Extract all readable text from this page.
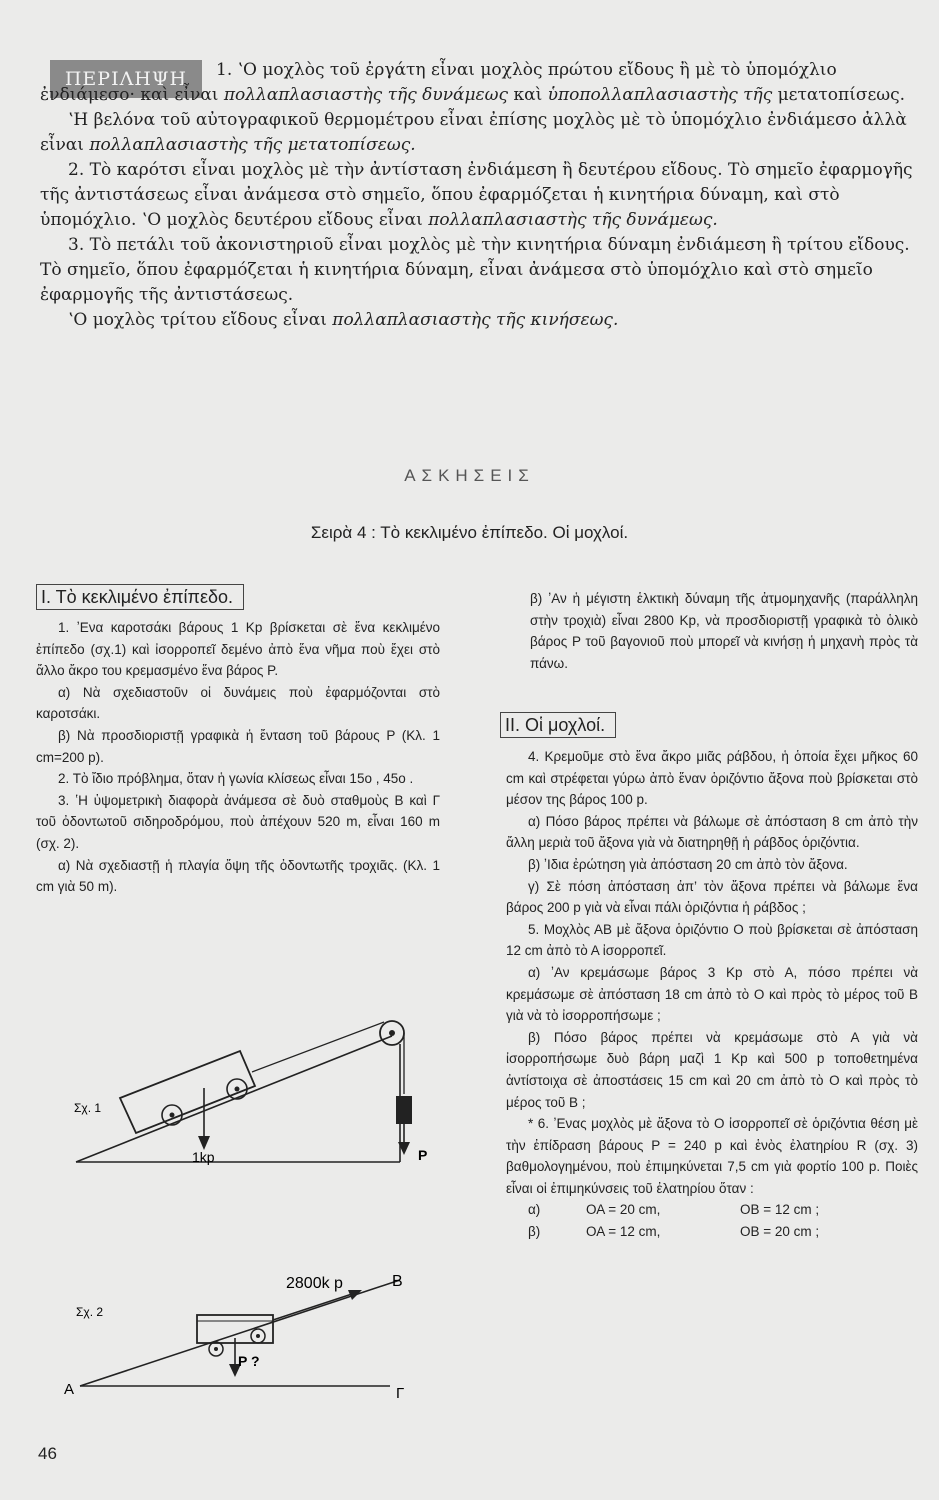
ΠΕΡΙΛΗΨΗ	1. ʽΟ μοχλὸς τοῦ ἐργάτη εἶναι μοχλὸς πρώτου εἴδους ἢ μὲ τὸ ὑπομόχλιο ἐνδιάμεσο· καὶ εἶναι πολλαπλασιαστὴς τῆς δυνάμεως καὶ ὑποπολλαπλασιαστὴς τῆς μετατοπίσεως.

ʽΗ βελόνα τοῦ αὐτογραφικοῦ θερμομέτρου εἶναι ἐπίσης μοχλὸς μὲ τὸ ὑπομόχλιο ἐνδιάμεσο ἀλλὰ εἶναι πολλαπλασιαστὴς τῆς μετατοπίσεως.

2. Τὸ καρότσι εἶναι μοχλὸς μὲ τὴν ἀντίσταση ἐνδιάμεση ἢ δευτέρου εἴδους. Τὸ σημεῖο ἐφαρμογῆς τῆς ἀντιστάσεως εἶναι ἀνάμεσα στὸ σημεῖο, ὅπου ἐφαρμόζεται ἡ κινητήρια δύναμη, καὶ στὸ ὑπομόχλιο. ʽΟ μοχλὸς δευτέρου εἴδους εἶναι πολλαπλασιαστὴς τῆς δυνάμεως.

3. Τὸ πετάλι τοῦ ἀκονιστηριοῦ εἶναι μοχλὸς μὲ τὴν κινητήρια δύναμη ἐνδιάμεση ἢ τρίτου εἴδους. Τὸ σημεῖο, ὅπου ἐφαρμόζεται ἡ κινητήρια δύναμη, εἶναι ἀνάμεσα στὸ ὑπομόχλιο καὶ στὸ σημεῖο ἐφαρμογῆς τῆς ἀντιστάσεως.

ʽΟ μοχλὸς τρίτου εἴδους εἶναι πολλαπλασιαστὴς τῆς κινήσεως.

ΑΣΚΗΣΕΙΣ
Σειρὰ 4 : Τὸ κεκλιμένο ἐπίπεδο. Οἱ μοχλοί.
Ι. Τὸ κεκλιμένο ἐπίπεδο.

1. ʼΕνα καροτσάκι βάρους 1 Kp βρίσκεται σὲ ἕνα κεκλιμένο ἐπίπεδο (σχ.1) καὶ ἰσορροπεῖ δεμένο ἀπὸ ἕνα νῆμα ποὺ ἔχει στὸ ἄλλο ἄκρο του κρεμασμένο ἕνα βάρος P.

α) Νὰ σχεδιαστοῦν οἱ δυνάμεις ποὺ ἐφαρμόζονται στὸ καροτσάκι.

β) Νὰ προσδιοριστῇ γραφικὰ ἡ ἔνταση τοῦ βάρους P (Κλ. 1 cm=200 p).

2. Τὸ ἴδιο πρόβλημα, ὅταν ἡ γωνία κλίσεως εἶναι 15ο , 45ο .

3. ʽΗ ὑψομετρικὴ διαφορὰ ἀνάμεσα σὲ δυὸ σταθμοὺς Β καὶ Γ τοῦ ὀδοντωτοῦ σιδηροδρόμου, ποὺ ἀπέχουν 520 m, εἶναι 160 m (σχ. 2).

α) Νὰ σχεδιαστῇ ἡ πλαγία ὄψη τῆς ὀδοντωτῆς τροχιᾶς. (Κλ. 1 cm γιὰ 50 m).

Σχ. 1
1kp	P
Σχ. 2
2800k p	B
A	Γ
P ?

β) ʼΑν ἡ μέγιστη ἑλκτικὴ δύναμη τῆς ἀτμομηχανῆς (παράλληλη στὴν τροχιὰ) εἶναι 2800 Kp, νὰ προσδιοριστῇ γραφικὰ τὸ ὁλικὸ βάρος P τοῦ βαγονιοῦ ποὺ μπορεῖ νὰ κινήσῃ ἡ μηχανὴ πρὸς τὰ πάνω.

ΙΙ. Οἱ μοχλοί.

4. Κρεμοῦμε στὸ ἕνα ἄκρο μιᾶς ράβδου, ἡ ὁποία ἔχει μῆκος 60 cm καὶ στρέφεται γύρω ἀπὸ ἕναν ὁριζόντιο ἄξονα ποὺ βρίσκεται στὸ μέσον της βάρος 100 p.

α) Πόσο βάρος πρέπει νὰ βάλωμε σὲ ἀπόσταση 8 cm ἀπὸ τὴν ἄλλη μεριὰ τοῦ ἄξονα γιὰ νὰ διατηρηθῇ ἡ ράβδος ὁριζόντια.

β) ʼΙδια ἐρώτηση γιὰ ἀπόσταση 20 cm ἀπὸ τὸν ἄξονα.

γ) Σὲ πόση ἀπόσταση ἀπ’ τὸν ἄξονα πρέπει νὰ βάλωμε ἕνα βάρος 200 p γιὰ νὰ εἶναι πάλι ὁριζόντια ἡ ράβδος ;

5. Μοχλὸς ΑΒ μὲ ἄξονα ὁριζόντιο Ο ποὺ βρίσκεται σὲ ἀπόσταση 12 cm ἀπὸ τὸ Α ἰσορροπεῖ.

α) ʼΑν κρεμάσωμε βάρος 3 Kp στὸ Α, πόσο πρέπει νὰ κρεμάσωμε σὲ ἀπόσταση 18 cm ἀπὸ τὸ Ο καὶ πρὸς τὸ μέρος τοῦ Β γιὰ νὰ τὸ ἰσορροπήσωμε ;

β) Πόσο βάρος πρέπει νὰ κρεμάσωμε στὸ Α γιὰ νὰ ἰσορροπήσωμε δυὸ βάρη μαζὶ 1 Kp καὶ 500 p τοποθετημένα ἀντίστοιχα σὲ ἀποστάσεις 15 cm καὶ 20 cm ἀπὸ τὸ Ο καὶ πρὸς τὸ μέρος τοῦ Β ;

* 6. ʼΕνας μοχλὸς μὲ ἄξονα τὸ Ο ἰσορροπεῖ σὲ ὁριζόντια θέση μὲ τὴν ἐπίδραση βάρους P = 240 p καὶ ἑνὸς ἐλατηρίου R (σχ. 3) βαθμολογημένου, ποὺ ἐπιμηκύνεται 7,5 cm γιὰ φορτίο 100 p. Ποιὲς εἶναι οἱ ἐπιμηκύνσεις τοῦ ἐλατηρίου ὅταν :

α)	ΟΑ = 20 cm,	ΟΒ = 12 cm ;
β)	ΟΑ = 12 cm,	ΟΒ = 20 cm ;
46
